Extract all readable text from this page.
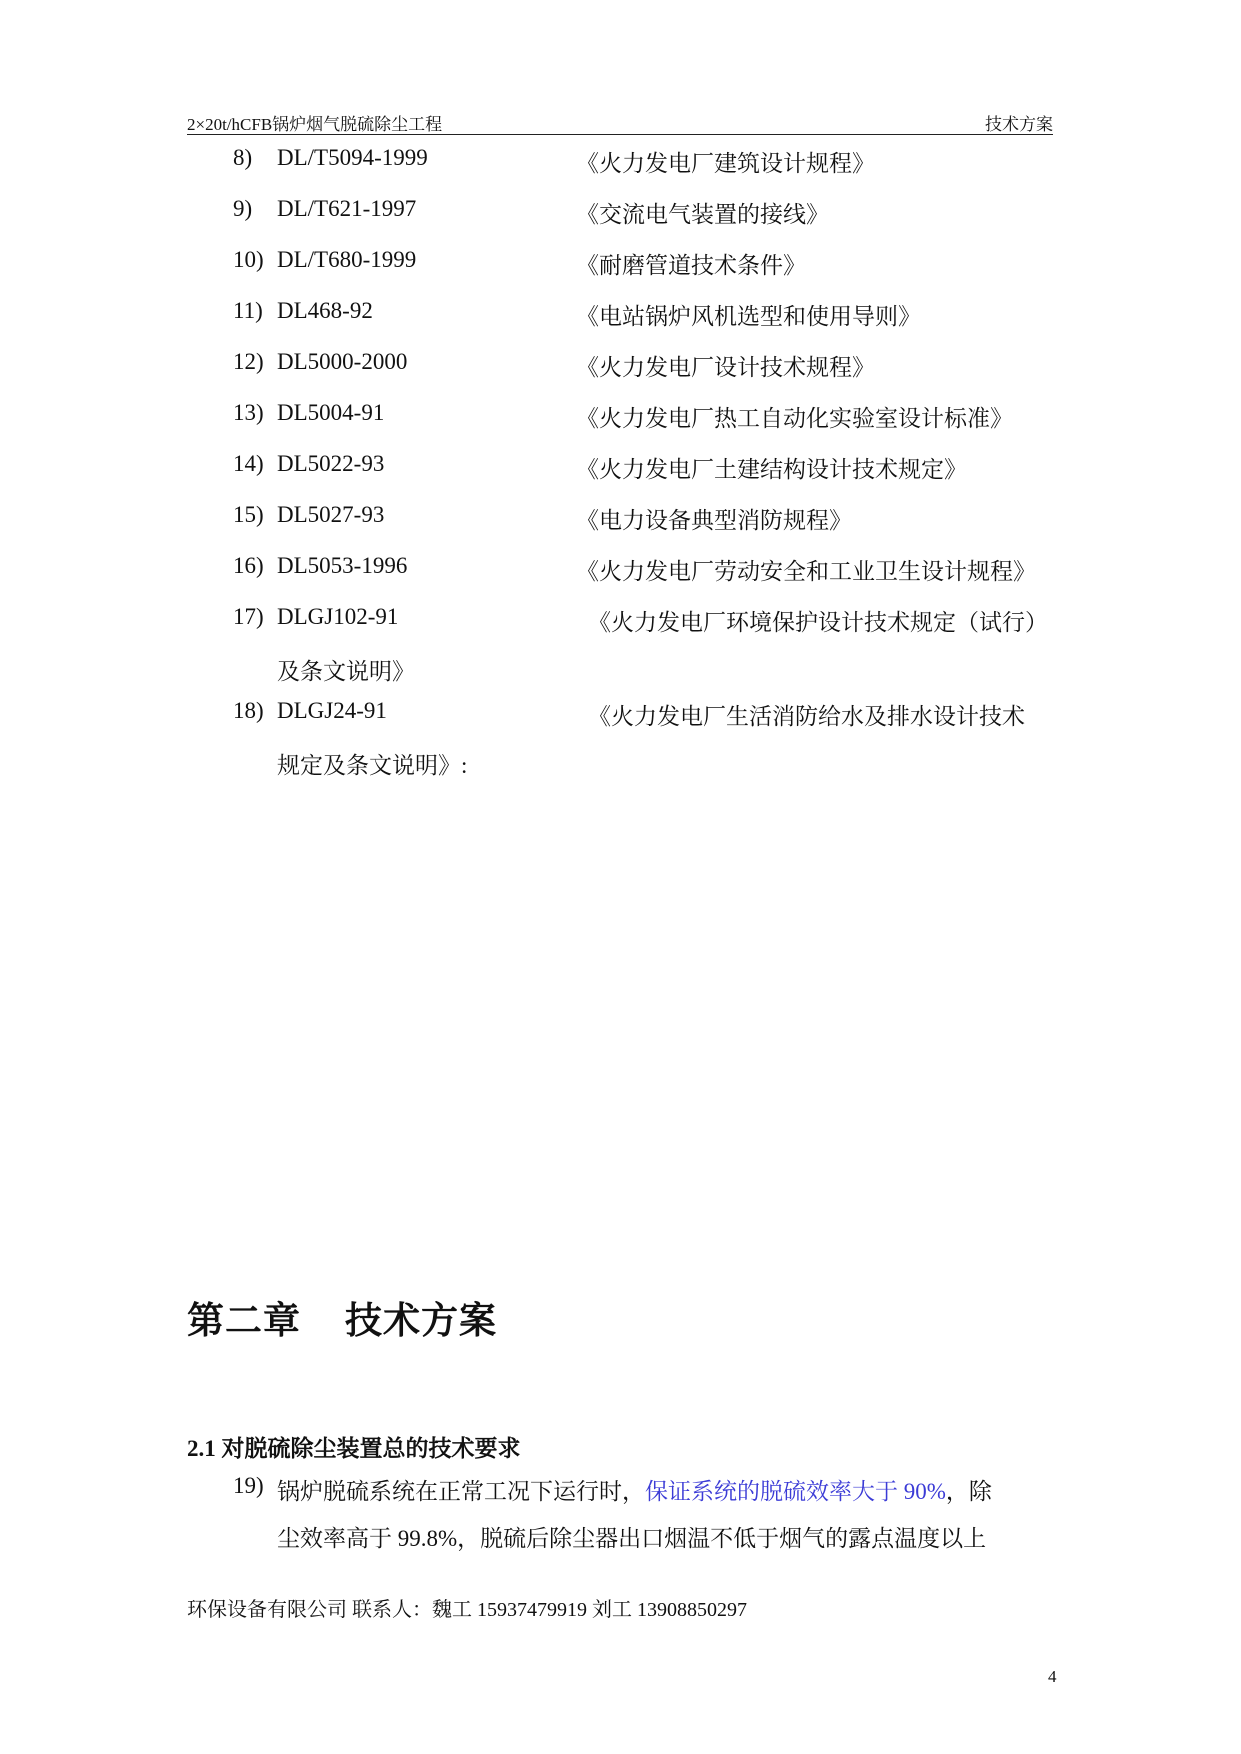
2×20t/hCFB锅炉烟气脱硫除尘工程	技术方案
8) DL/T5094-1999	《火力发电厂建筑设计规程》
9) DL/T621-1997	《交流电气装置的接线》
10) DL/T680-1999	《耐磨管道技术条件》
11) DL468-92	《电站锅炉风机选型和使用导则》
12) DL5000-2000	《火力发电厂设计技术规程》
13) DL5004-91	《火力发电厂热工自动化实验室设计标准》
14) DL5022-93	《火力发电厂土建结构设计技术规定》
15) DL5027-93	《电力设备典型消防规程》
16) DL5053-1996	《火力发电厂劳动安全和工业卫生设计规程》
17) DLGJ102-91	《火力发电厂环境保护设计技术规定（试行）
及条文说明》
18) DLGJ24-91	《火力发电厂生活消防给水及排水设计技术
规定及条文说明》:
第二章 技术方案
2.1 对脱硫除尘装置总的技术要求
19) 锅炉脱硫系统在正常工况下运行时，保证系统的脱硫效率大于 90%，除
尘效率高于 99.8%，脱硫后除尘器出口烟温不低于烟气的露点温度以上
环保设备有限公司 联系人：魏工 15937479919 刘工 13908850297
4
